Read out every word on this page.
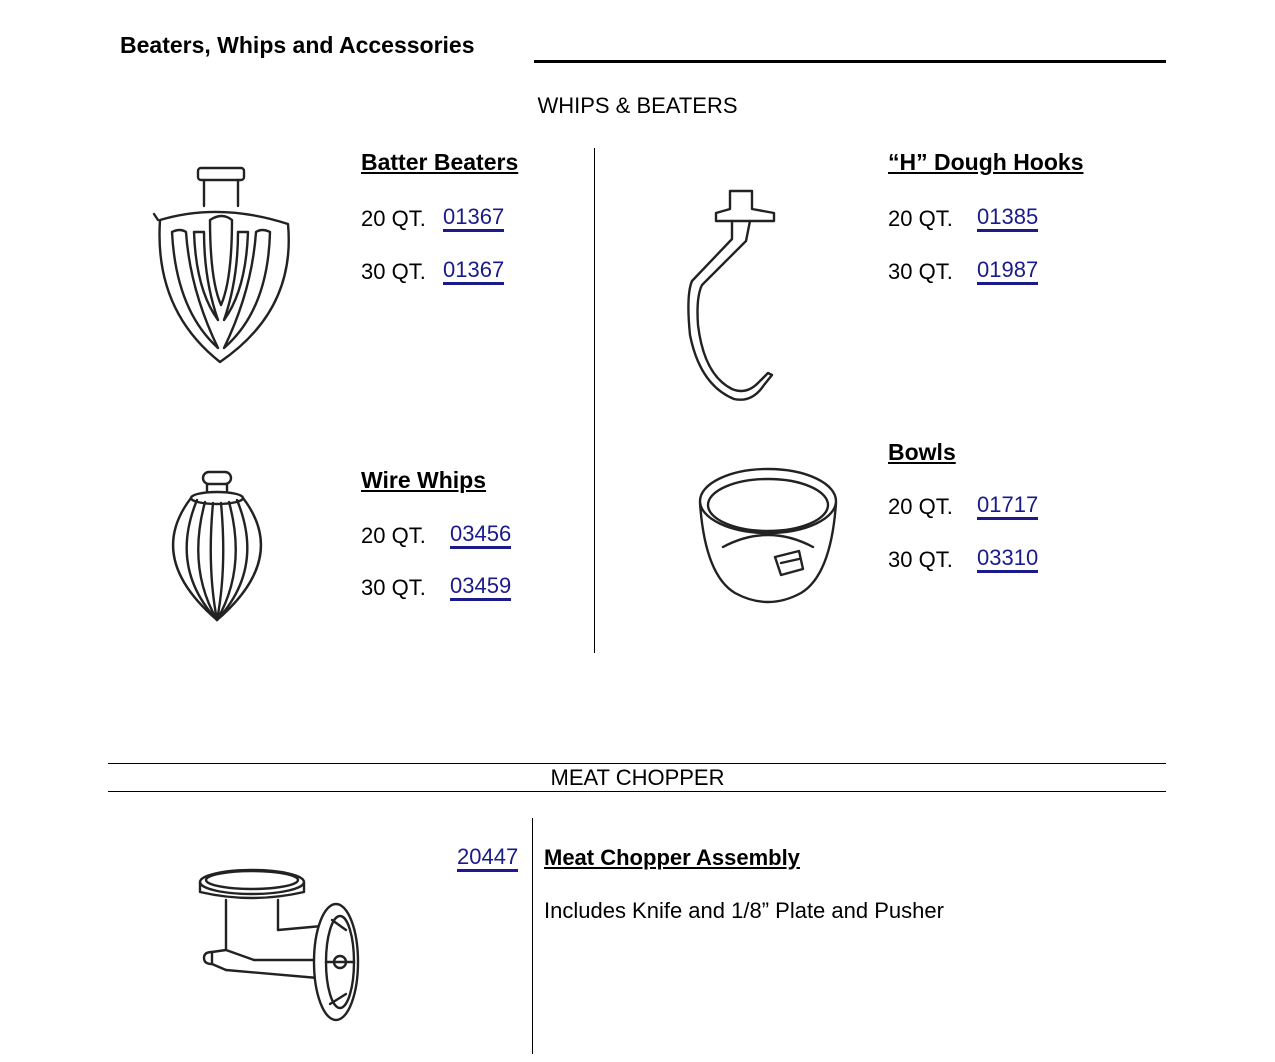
Beaters, Whips and Accessories
WHIPS & BEATERS
Batter Beaters
20 QT. 01367
30 QT. 01367
Wire Whips
20 QT. 03456
30 QT. 03459
“H” Dough Hooks
20 QT. 01385
30 QT. 01987
Bowls
20 QT. 01717
30 QT. 03310
MEAT CHOPPER
20447 Meat Chopper Assembly
Includes Knife and 1/8” Plate and Pusher
